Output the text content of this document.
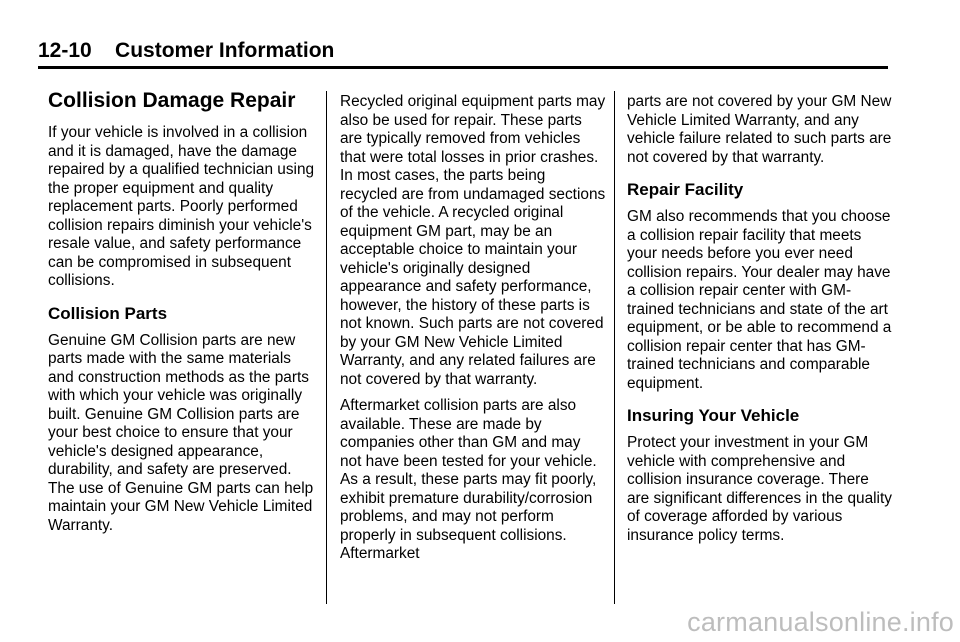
12-10    Customer Information
Collision Damage Repair

If your vehicle is involved in a collision and it is damaged, have the damage repaired by a qualified technician using the proper equipment and quality replacement parts. Poorly performed collision repairs diminish your vehicle's resale value, and safety performance can be compromised in subsequent collisions.

Collision Parts

Genuine GM Collision parts are new parts made with the same materials and construction methods as the parts with which your vehicle was originally built. Genuine GM Collision parts are your best choice to ensure that your vehicle's designed appearance, durability, and safety are preserved. The use of Genuine GM parts can help maintain your GM New Vehicle Limited Warranty.

Recycled original equipment parts may also be used for repair. These parts are typically removed from vehicles that were total losses in prior crashes. In most cases, the parts being recycled are from undamaged sections of the vehicle. A recycled original equipment GM part, may be an acceptable choice to maintain your vehicle's originally designed appearance and safety performance, however, the history of these parts is not known. Such parts are not covered by your GM New Vehicle Limited Warranty, and any related failures are not covered by that warranty.

Aftermarket collision parts are also available. These are made by companies other than GM and may not have been tested for your vehicle. As a result, these parts may fit poorly, exhibit premature durability/corrosion problems, and may not perform properly in subsequent collisions. Aftermarket

parts are not covered by your GM New Vehicle Limited Warranty, and any vehicle failure related to such parts are not covered by that warranty.

Repair Facility

GM also recommends that you choose a collision repair facility that meets your needs before you ever need collision repairs. Your dealer may have a collision repair center with GM-trained technicians and state of the art equipment, or be able to recommend a collision repair center that has GM-trained technicians and comparable equipment.

Insuring Your Vehicle

Protect your investment in your GM vehicle with comprehensive and collision insurance coverage. There are significant differences in the quality of coverage afforded by various insurance policy terms.

carmanualsonline.info
